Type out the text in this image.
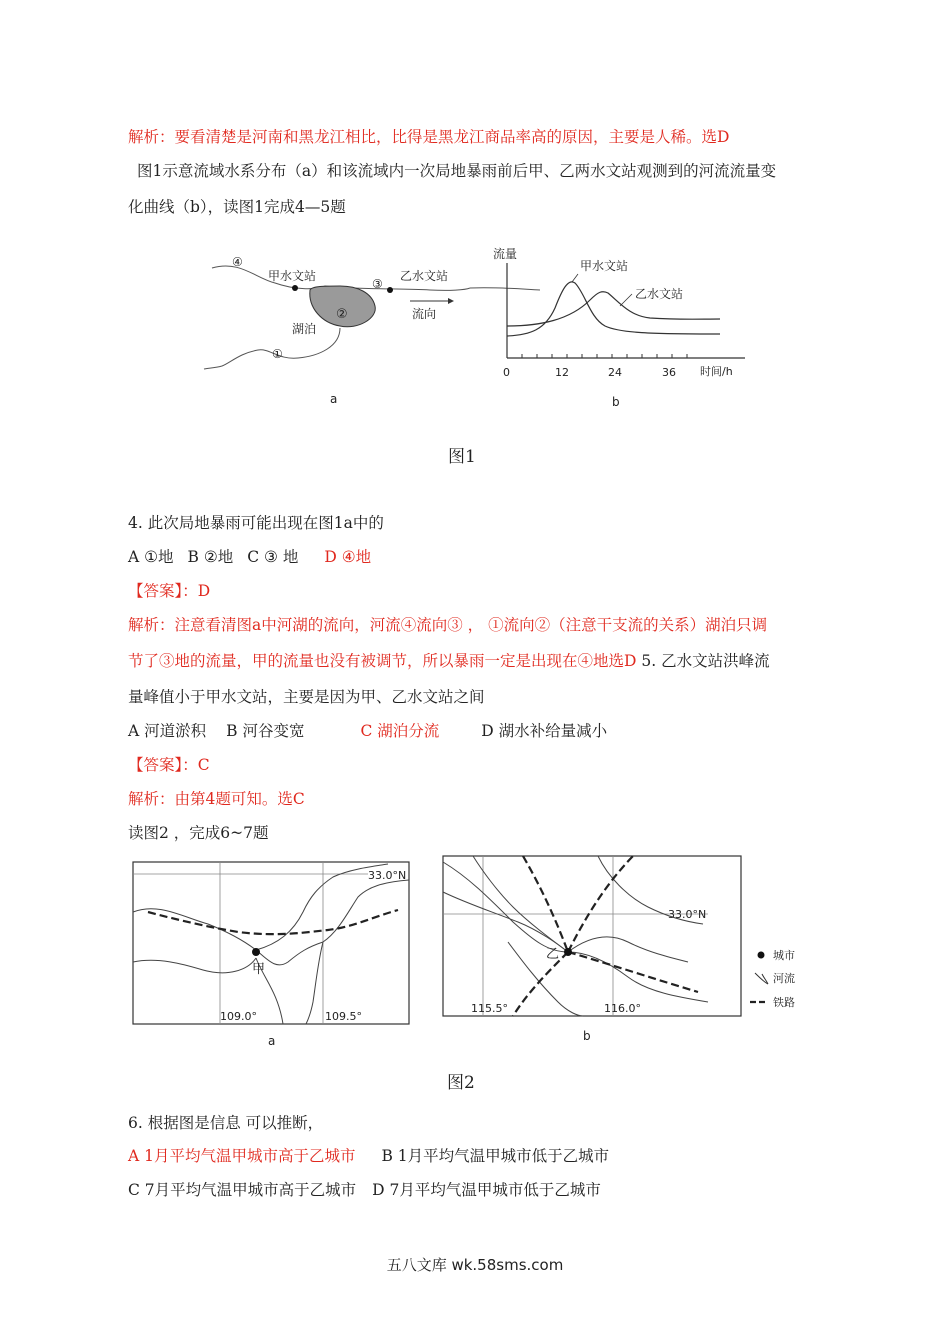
解析：要看清楚是河南和黑龙江相比，比得是黑龙江商品率高的原因，主要是人稀。选D
图1示意流域水系分布（a）和该流域内一次局地暴雨前后甲、乙两水文站观测到的河流流量变
化曲线（b），读图1完成4—5题
甲水文站	乙水文站
湖泊
流向
④
③
②
①
a
流量
时间/h
0	12	24	36
甲水文站
乙水文站
b
图1
4. 此次局地暴雨可能出现在图1a中的
A ①地 B ②地 C ③ 地 D ④地
【答案】：D
解析：注意看清图a中河湖的流向，河流④流向③ ， ①流向②（注意干支流的关系）湖泊只调
节了③地的流量，甲的流量也没有被调节，所以暴雨一定是出现在④地选D 5. 乙水文站洪峰流
量峰值小于甲水文站，主要是因为甲、乙水文站之间
A 河道淤积 B 河谷变宽	C 湖泊分流	D 湖水补给量减小
【答案】：C
解析：由第4题可知。选C
读图2 ，完成6~7题
甲
33.0°N
109.0°	109.5°
a
乙
33.0°N
115.5°	116.0°
b
城市
河流
铁路
图2
6. 根据图是信息 可以推断，
A 1月平均气温甲城市高于乙城市 B 1月平均气温甲城市低于乙城市
C 7月平均气温甲城市高于乙城市 D 7月平均气温甲城市低于乙城市
五八文库 wk.58sms.com
